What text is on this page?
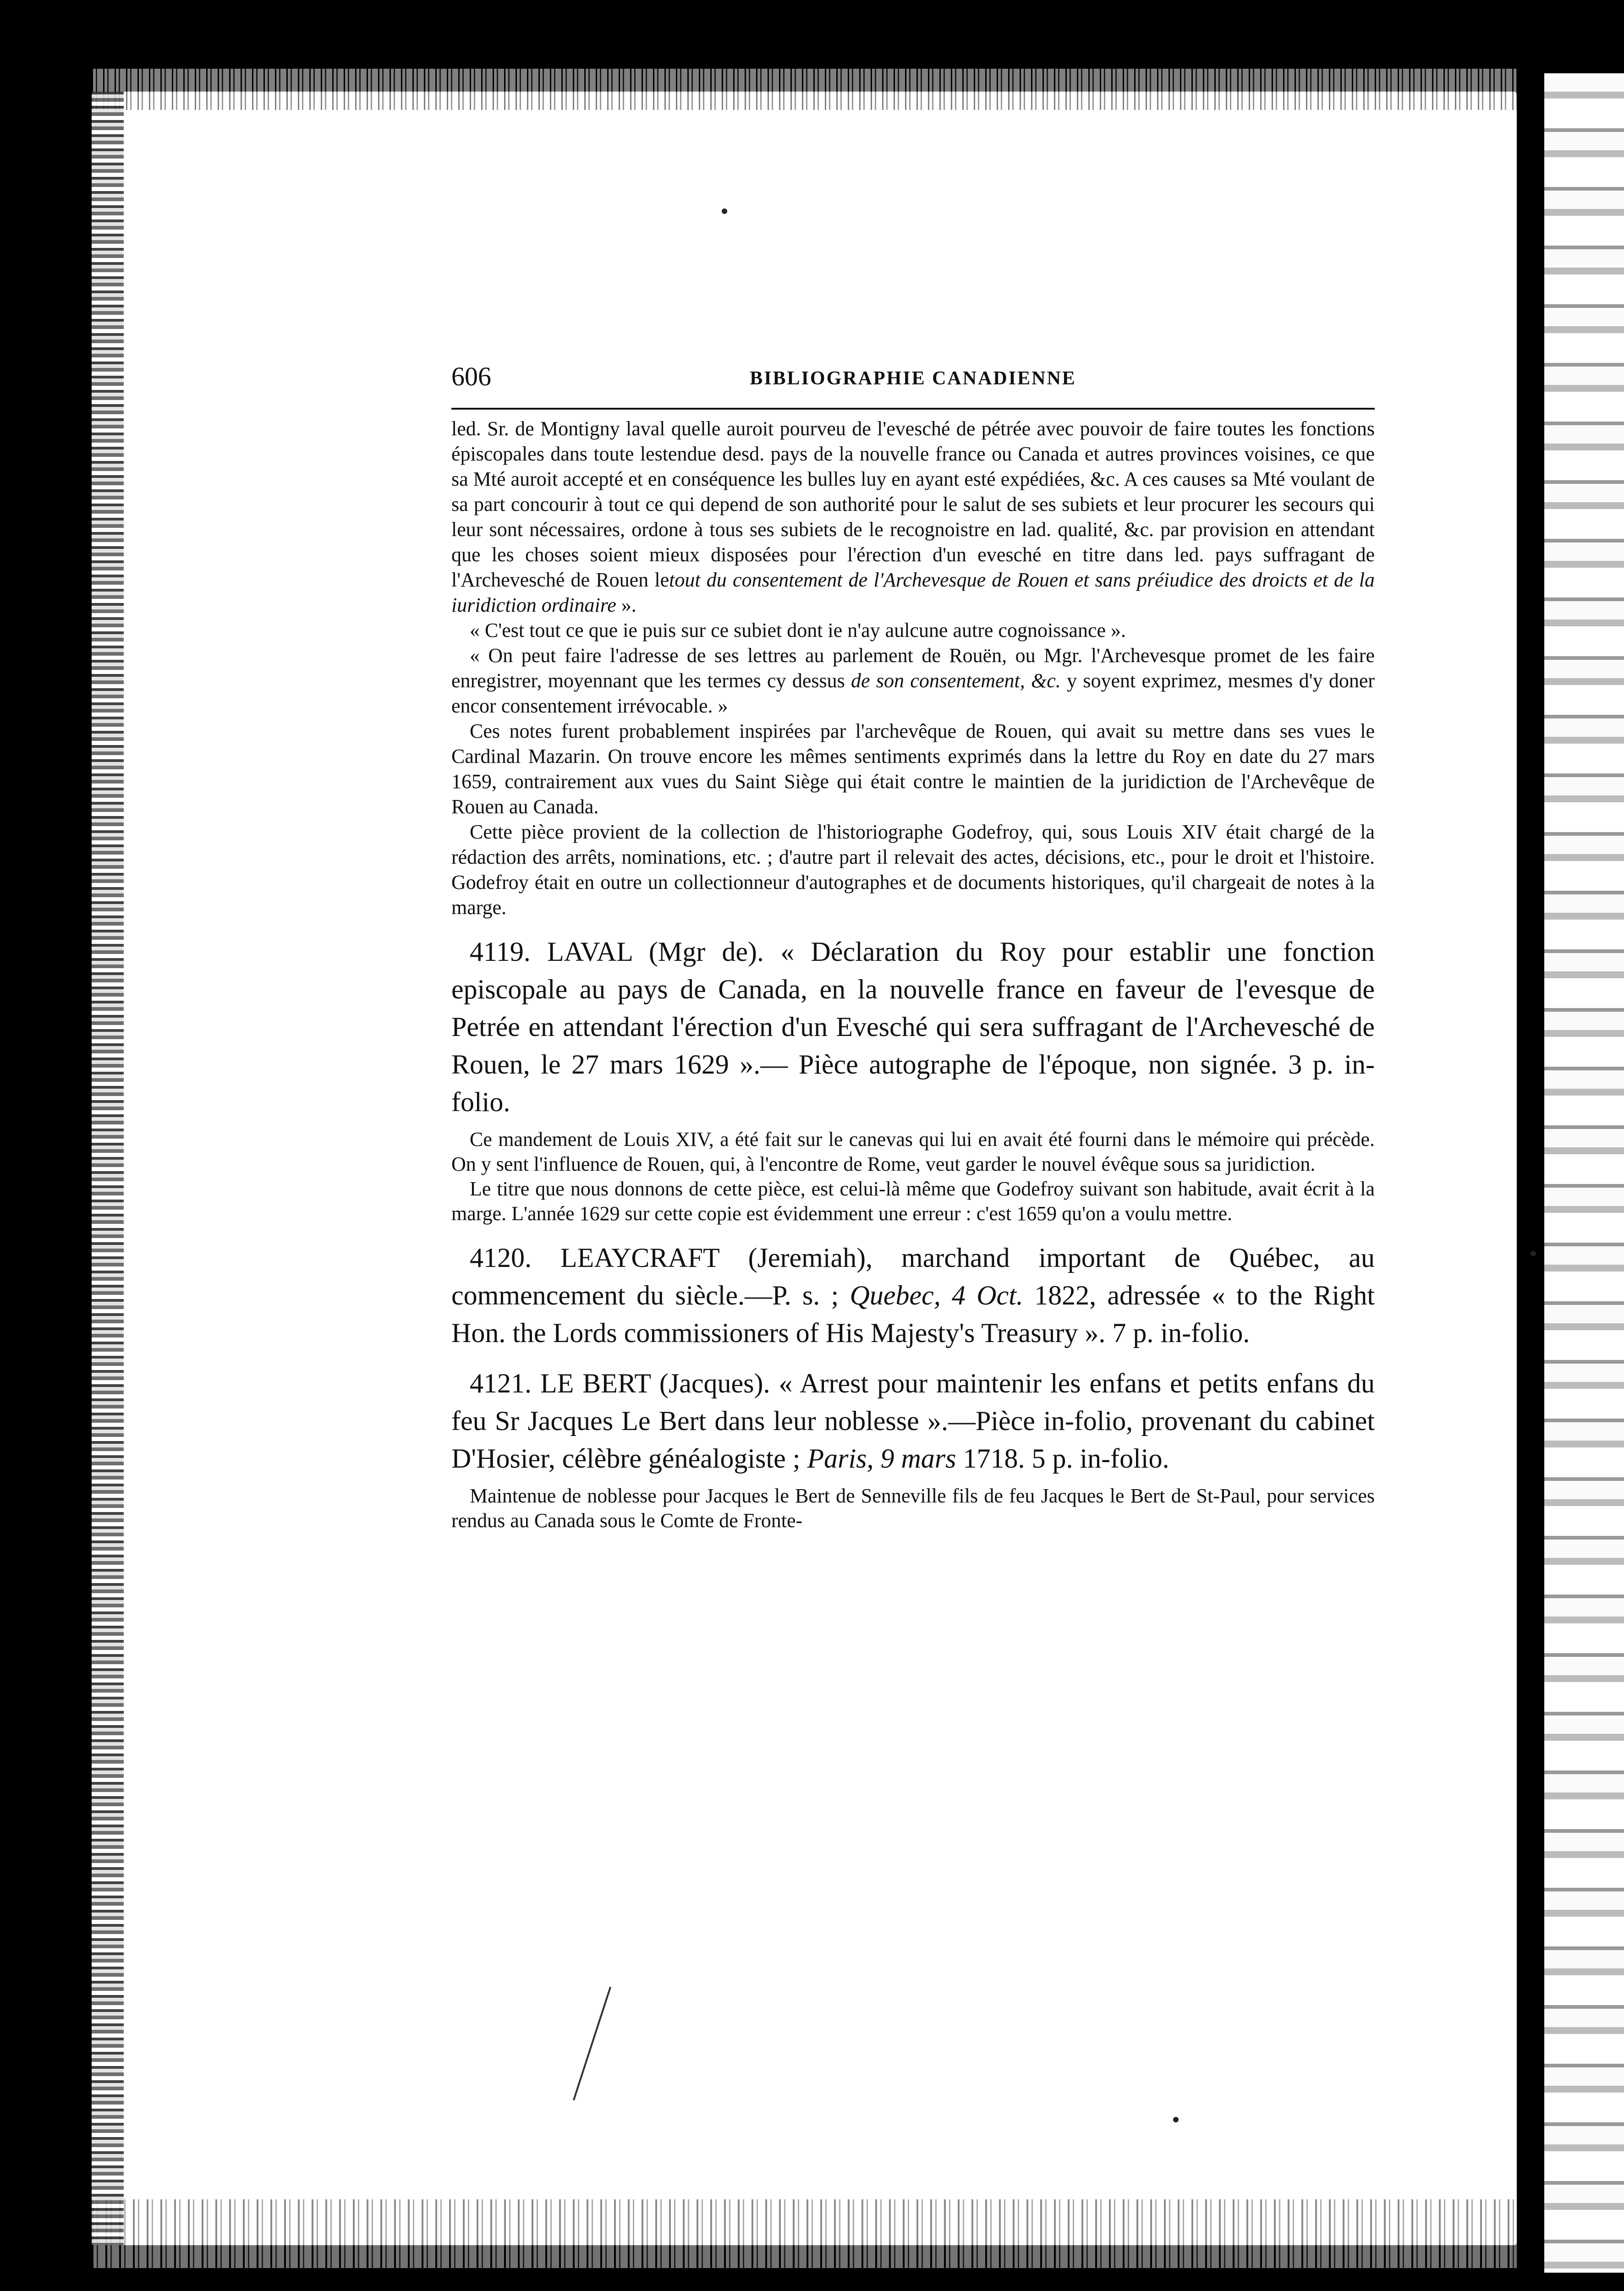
606	BIBLIOGRAPHIE CANADIENNE

led. Sr. de Montigny laval quelle auroit pourveu de l'evesché de pétrée avec pouvoir de faire toutes les fonctions épiscopales dans toute lestendue desd. pays de la nouvelle france ou Canada et autres provinces voisines, ce que sa Mté auroit accepté et en conséquence les bulles luy en ayant esté expédiées, &c. A ces causes sa Mté voulant de sa part concourir à tout ce qui depend de son authorité pour le salut de ses subiets et leur procurer les secours qui leur sont nécessaires, ordone à tous ses subiets de le recognoistre en lad. qualité, &c. par provision en attendant que les choses soient mieux disposées pour l'érection d'un evesché en titre dans led. pays suffragant de l'Archevesché de Rouen letout du consentement de l'Archevesque de Rouen et sans préiudice des droicts et de la iuridiction ordinaire ».

« C'est tout ce que ie puis sur ce subiet dont ie n'ay aulcune autre cognoissance ».

« On peut faire l'adresse de ses lettres au parlement de Rouën, ou Mgr. l'Archevesque promet de les faire enregistrer, moyennant que les termes cy dessus de son consentement, &c. y soyent exprimez, mesmes d'y doner encor consentement irrévocable. »

Ces notes furent probablement inspirées par l'archevêque de Rouen, qui avait su mettre dans ses vues le Cardinal Mazarin. On trouve encore les mêmes sentiments exprimés dans la lettre du Roy en date du 27 mars 1659, contrairement aux vues du Saint Siège qui était contre le maintien de la juridiction de l'Archevêque de Rouen au Canada.

Cette pièce provient de la collection de l'historiographe Godefroy, qui, sous Louis XIV était chargé de la rédaction des arrêts, nominations, etc. ; d'autre part il relevait des actes, décisions, etc., pour le droit et l'histoire. Godefroy était en outre un collectionneur d'autographes et de documents historiques, qu'il chargeait de notes à la marge.

4119. LAVAL (Mgr de). « Déclaration du Roy pour establir une fonction episcopale au pays de Canada, en la nouvelle france en faveur de l'evesque de Petrée en attendant l'érection d'un Evesché qui sera suffragant de l'Archevesché de Rouen, le 27 mars 1629 ».— Pièce autographe de l'époque, non signée. 3 p. in-folio.

Ce mandement de Louis XIV, a été fait sur le canevas qui lui en avait été fourni dans le mémoire qui précède. On y sent l'influence de Rouen, qui, à l'encontre de Rome, veut garder le nouvel évêque sous sa juridiction.

Le titre que nous donnons de cette pièce, est celui-là même que Godefroy suivant son habitude, avait écrit à la marge. L'année 1629 sur cette copie est évidemment une erreur : c'est 1659 qu'on a voulu mettre.

4120. LEAYCRAFT (Jeremiah), marchand important de Québec, au commencement du siècle.—P. s. ; Quebec, 4 Oct. 1822, adressée « to the Right Hon. the Lords commissioners of His Majesty's Treasury ». 7 p. in-folio.

4121. LE BERT (Jacques). « Arrest pour maintenir les enfans et petits enfans du feu Sr Jacques Le Bert dans leur noblesse ».—Pièce in-folio, provenant du cabinet D'Hosier, célèbre généalogiste ; Paris, 9 mars 1718. 5 p. in-folio.

Maintenue de noblesse pour Jacques le Bert de Senneville fils de feu Jacques le Bert de St-Paul, pour services rendus au Canada sous le Comte de Fronte-
